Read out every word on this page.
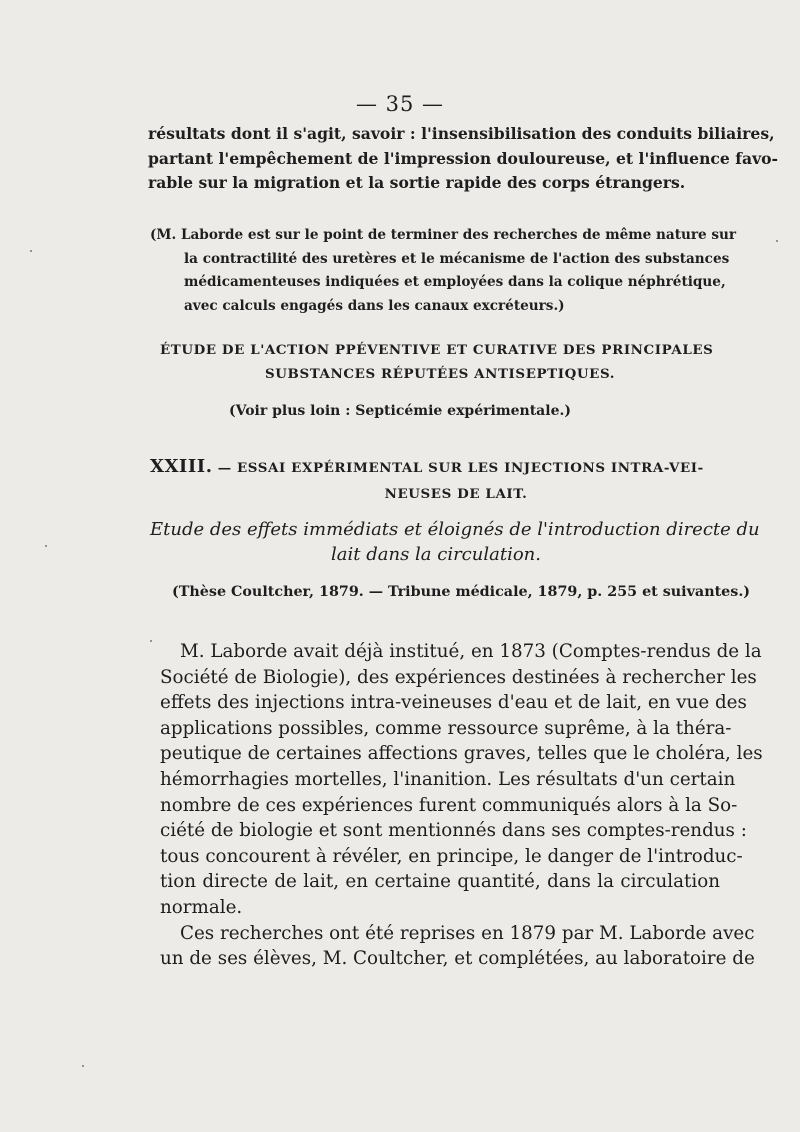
— 35 —
résultats dont il s'agit, savoir : l'insensibilisation des conduits biliaires,
partant l'empêchement de l'impression douloureuse, et l'influence favo-
rable sur la migration et la sortie rapide des corps étrangers.
(M. Laborde est sur le point de terminer des recherches de même nature sur
la contractilité des uretères et le mécanisme de l'action des substances
médicamenteuses indiquées et employées dans la colique néphrétique,
avec calculs engagés dans les canaux excréteurs.)
ÉTUDE DE L'ACTION PPÉVENTIVE ET CURATIVE DES PRINCIPALES
SUBSTANCES RÉPUTÉES ANTISEPTIQUES.
(Voir plus loin : Septicémie expérimentale.)
XXIII. — ESSAI EXPÉRIMENTAL SUR LES INJECTIONS INTRA-VEI-
NEUSES DE LAIT.
Etude des effets immédiats et éloignés de l'introduction directe du
lait dans la circulation.
(Thèse Coultcher, 1879. — Tribune médicale, 1879, p. 255 et suivantes.)
M. Laborde avait déjà institué, en 1873 (Comptes-rendus de la
Société de Biologie), des expériences destinées à rechercher les
effets des injections intra-veineuses d'eau et de lait, en vue des
applications possibles, comme ressource suprême, à la théra-
peutique de certaines affections graves, telles que le choléra, les
hémorrhagies mortelles, l'inanition. Les résultats d'un certain
nombre de ces expériences furent communiqués alors à la So-
ciété de biologie et sont mentionnés dans ses comptes-rendus :
tous concourent à révéler, en principe, le danger de l'introduc-
tion directe de lait, en certaine quantité, dans la circulation
normale.
Ces recherches ont été reprises en 1879 par M. Laborde avec
un de ses élèves, M. Coultcher, et complétées, au laboratoire de
